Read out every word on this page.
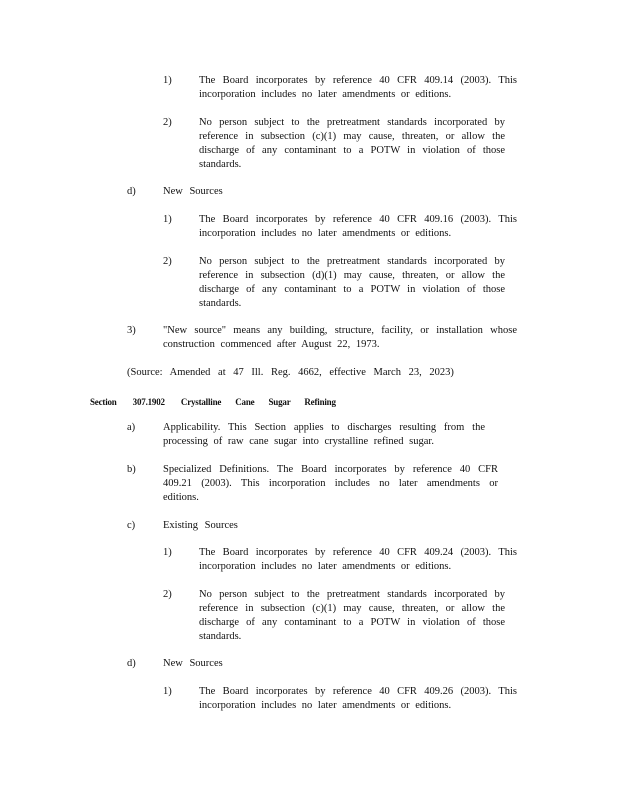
1)	The Board incorporates by reference 40 CFR 409.14 (2003). This incorporation includes no later amendments or editions.
2)	No person subject to the pretreatment standards incorporated by reference in subsection (c)(1) may cause, threaten, or allow the discharge of any contaminant to a POTW in violation of those standards.
d)	New Sources
1)	The Board incorporates by reference 40 CFR 409.16 (2003). This incorporation includes no later amendments or editions.
2)	No person subject to the pretreatment standards incorporated by reference in subsection (d)(1) may cause, threaten, or allow the discharge of any contaminant to a POTW in violation of those standards.
3)	"New source" means any building, structure, facility, or installation whose construction commenced after August 22, 1973.
(Source: Amended at 47 Ill. Reg. 4662, effective March 23, 2023)
Section 307.1902 Crystalline Cane Sugar Refining
a)	Applicability. This Section applies to discharges resulting from the processing of raw cane sugar into crystalline refined sugar.
b)	Specialized Definitions. The Board incorporates by reference 40 CFR 409.21 (2003). This incorporation includes no later amendments or editions.
c)	Existing Sources
1)	The Board incorporates by reference 40 CFR 409.24 (2003). This incorporation includes no later amendments or editions.
2)	No person subject to the pretreatment standards incorporated by reference in subsection (c)(1) may cause, threaten, or allow the discharge of any contaminant to a POTW in violation of those standards.
d)	New Sources
1)	The Board incorporates by reference 40 CFR 409.26 (2003). This incorporation includes no later amendments or editions.
